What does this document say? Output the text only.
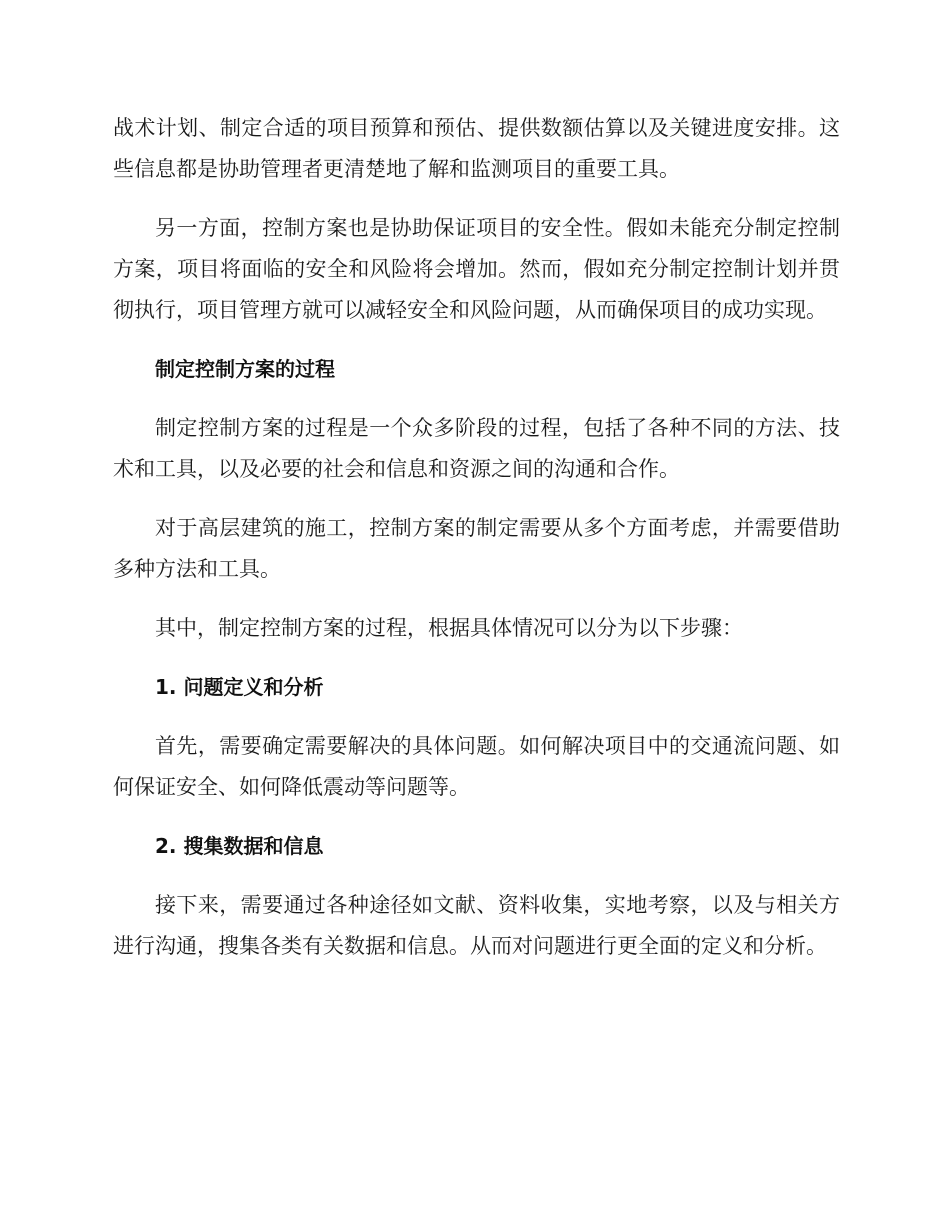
战术计划、制定合适的项目预算和预估、提供数额估算以及关键进度安排。这些信息都是协助管理者更清楚地了解和监测项目的重要工具。

另一方面，控制方案也是协助保证项目的安全性。假如未能充分制定控制方案，项目将面临的安全和风险将会增加。然而，假如充分制定控制计划并贯彻执行，项目管理方就可以减轻安全和风险问题，从而确保项目的成功实现。

制定控制方案的过程

制定控制方案的过程是一个众多阶段的过程，包括了各种不同的方法、技术和工具，以及必要的社会和信息和资源之间的沟通和合作。

对于高层建筑的施工，控制方案的制定需要从多个方面考虑，并需要借助多种方法和工具。

其中，制定控制方案的过程，根据具体情况可以分为以下步骤：

1. 问题定义和分析

首先，需要确定需要解决的具体问题。如何解决项目中的交通流问题、如何保证安全、如何降低震动等问题等。

2. 搜集数据和信息

接下来，需要通过各种途径如文献、资料收集，实地考察，以及与相关方进行沟通，搜集各类有关数据和信息。从而对问题进行更全面的定义和分析。
